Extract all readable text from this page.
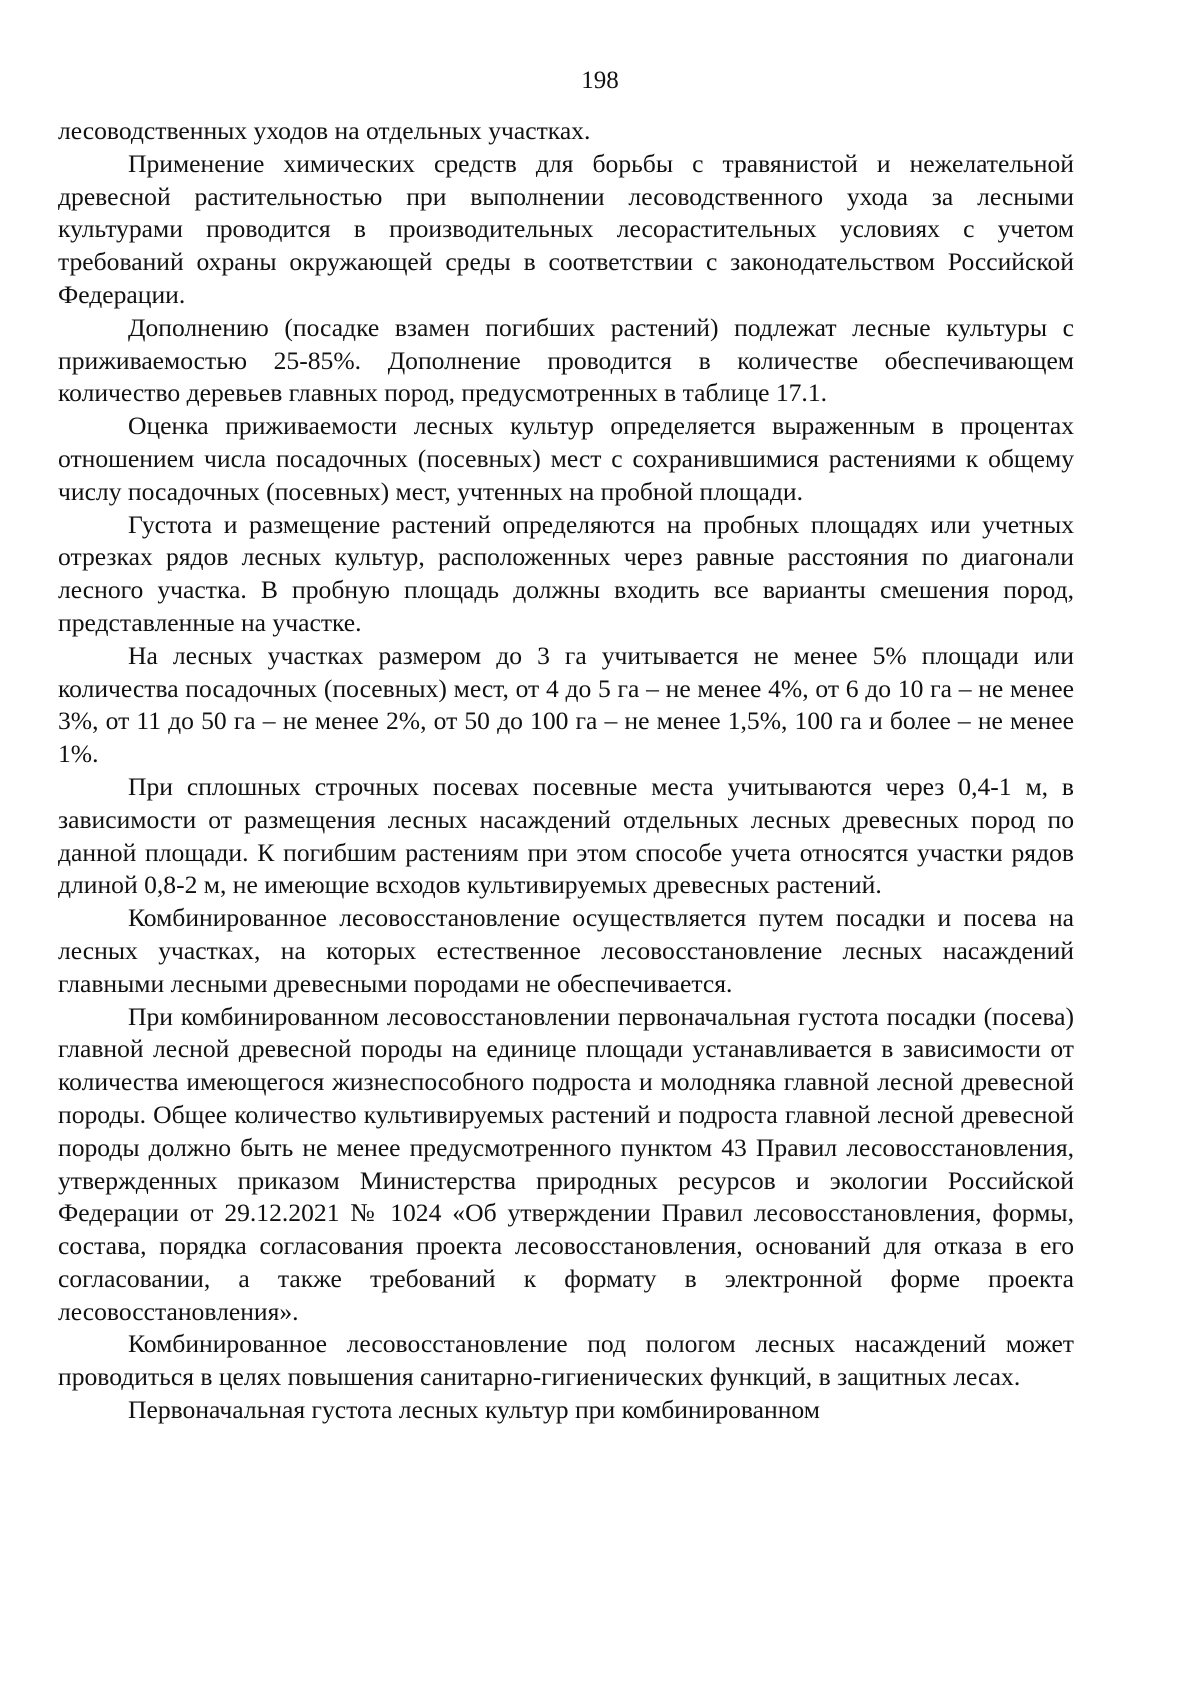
198

лесоводственных уходов на отдельных участках.

Применение химических средств для борьбы с травянистой и нежелательной древесной растительностью при выполнении лесоводственного ухода за лесными культурами проводится в производительных лесорастительных условиях с учетом требований охраны окружающей среды в соответствии с законодательством Российской Федерации.

Дополнению (посадке взамен погибших растений) подлежат лесные культуры с приживаемостью 25-85%. Дополнение проводится в количестве обеспечивающем количество деревьев главных пород, предусмотренных в таблице 17.1.

Оценка приживаемости лесных культур определяется выраженным в процентах отношением числа посадочных (посевных) мест с сохранившимися растениями к общему числу посадочных (посевных) мест, учтенных на пробной площади.

Густота и размещение растений определяются на пробных площадях или учетных отрезках рядов лесных культур, расположенных через равные расстояния по диагонали лесного участка. В пробную площадь должны входить все варианты смешения пород, представленные на участке.

На лесных участках размером до 3 га учитывается не менее 5% площади или количества посадочных (посевных) мест, от 4 до 5 га – не менее 4%, от 6 до 10 га – не менее 3%, от 11 до 50 га – не менее 2%, от 50 до 100 га – не менее 1,5%, 100 га и более – не менее 1%.

При сплошных строчных посевах посевные места учитываются через 0,4-1 м, в зависимости от размещения лесных насаждений отдельных лесных древесных пород по данной площади. К погибшим растениям при этом способе учета относятся участки рядов длиной 0,8-2 м, не имеющие всходов культивируемых древесных растений.

Комбинированное лесовосстановление осуществляется путем посадки и посева на лесных участках, на которых естественное лесовосстановление лесных насаждений главными лесными древесными породами не обеспечивается.

При комбинированном лесовосстановлении первоначальная густота посадки (посева) главной лесной древесной породы на единице площади устанавливается в зависимости от количества имеющегося жизнеспособного подроста и молодняка главной лесной древесной породы. Общее количество культивируемых растений и подроста главной лесной древесной породы должно быть не менее предусмотренного пунктом 43 Правил лесовосстановления, утвержденных приказом Министерства природных ресурсов и экологии Российской Федерации от 29.12.2021 № 1024 «Об утверждении Правил лесовосстановления, формы, состава, порядка согласования проекта лесовосстановления, оснований для отказа в его согласовании, а также требований к формату в электронной форме проекта лесовосстановления».

Комбинированное лесовосстановление под пологом лесных насаждений может проводиться в целях повышения санитарно-гигиенических функций, в защитных лесах.

Первоначальная густота лесных культур при комбинированном
